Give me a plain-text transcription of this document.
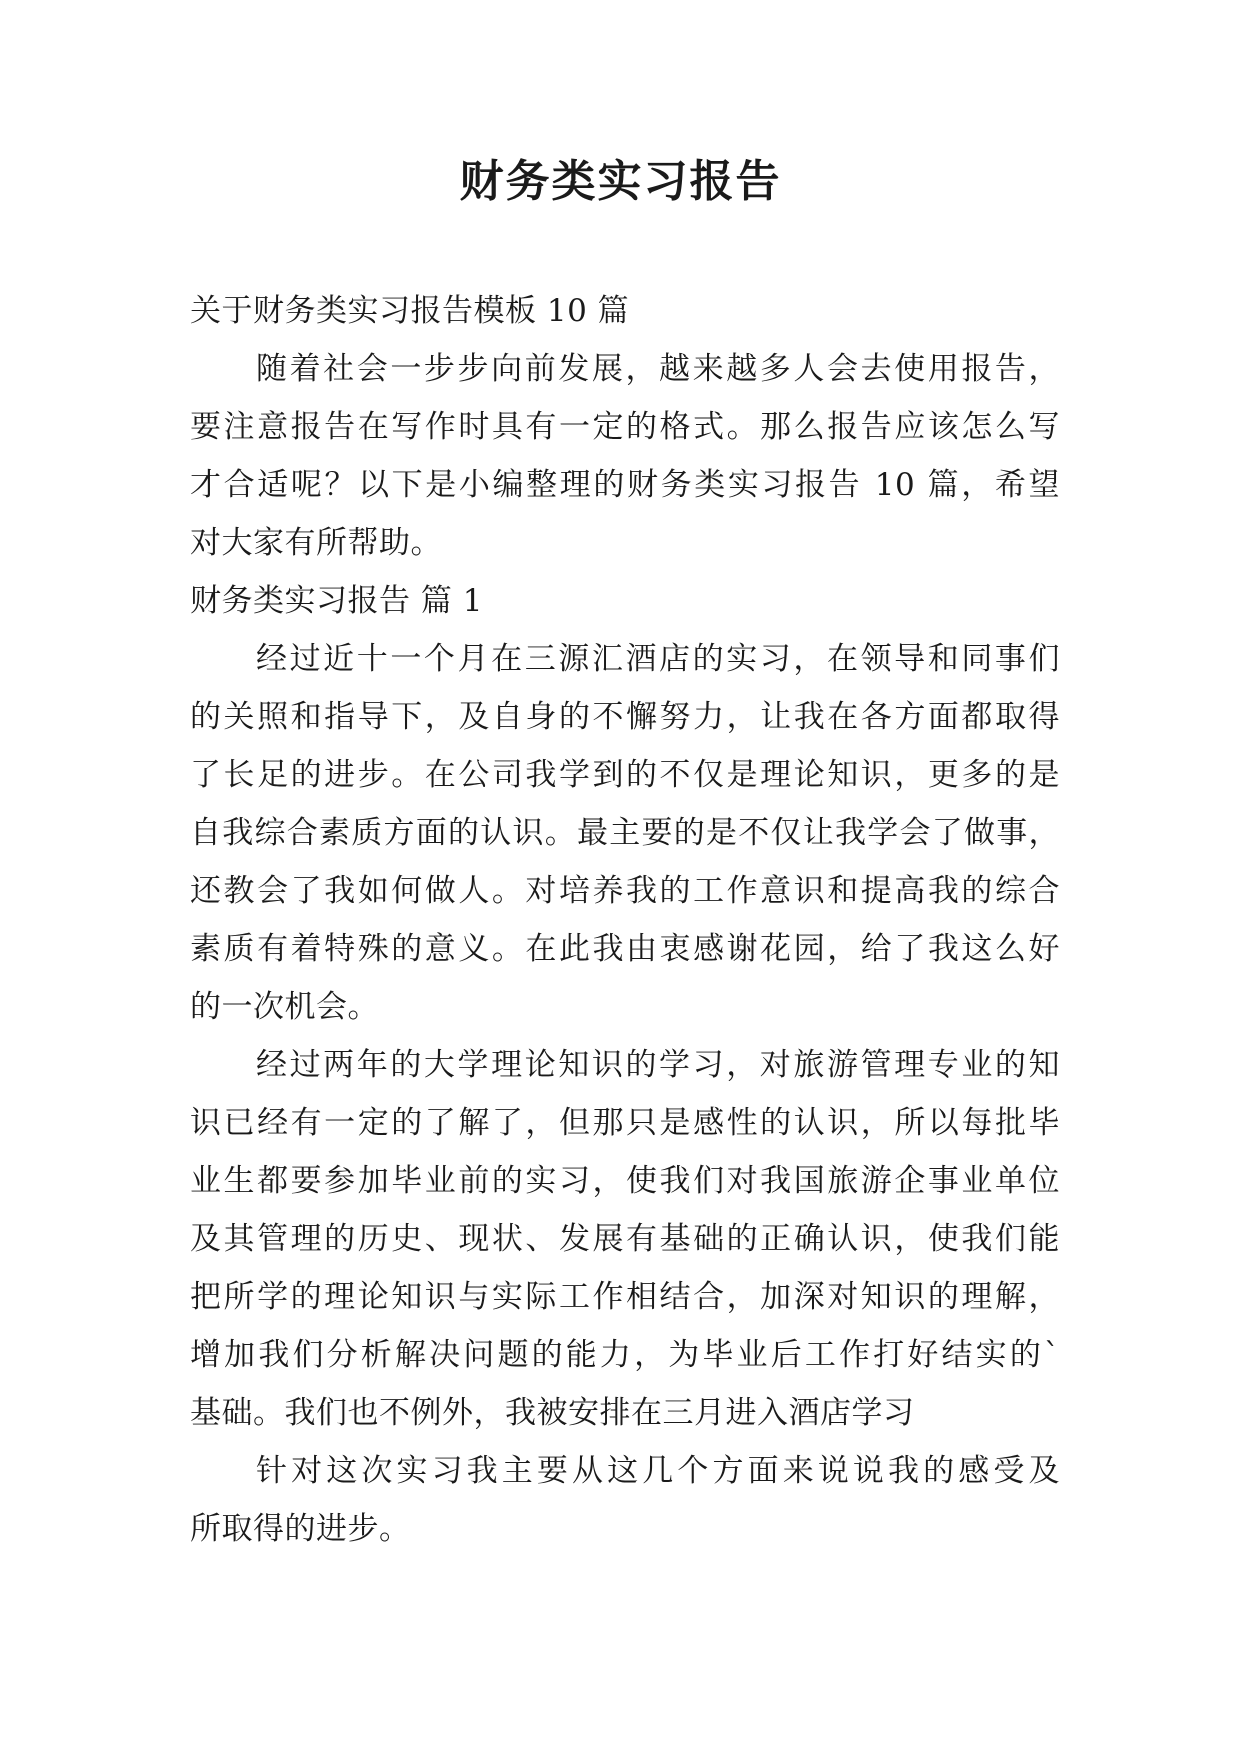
财务类实习报告
关于财务类实习报告模板 10 篇
随着社会一步步向前发展，越来越多人会去使用报告，
要注意报告在写作时具有一定的格式。那么报告应该怎么写
才合适呢？以下是小编整理的财务类实习报告 10 篇，希望
对大家有所帮助。
财务类实习报告 篇 1
经过近十一个月在三源汇酒店的实习，在领导和同事们
的关照和指导下，及自身的不懈努力，让我在各方面都取得
了长足的进步。在公司我学到的不仅是理论知识，更多的是
自我综合素质方面的认识。最主要的是不仅让我学会了做事，
还教会了我如何做人。对培养我的工作意识和提高我的综合
素质有着特殊的意义。在此我由衷感谢花园，给了我这么好
的一次机会。
经过两年的大学理论知识的学习，对旅游管理专业的知
识已经有一定的了解了，但那只是感性的认识，所以每批毕
业生都要参加毕业前的实习，使我们对我国旅游企事业单位
及其管理的历史、现状、发展有基础的正确认识，使我们能
把所学的理论知识与实际工作相结合，加深对知识的理解，
增加我们分析解决问题的能力，为毕业后工作打好结实的`
基础。我们也不例外，我被安排在三月进入酒店学习
针对这次实习我主要从这几个方面来说说我的感受及
所取得的进步。
